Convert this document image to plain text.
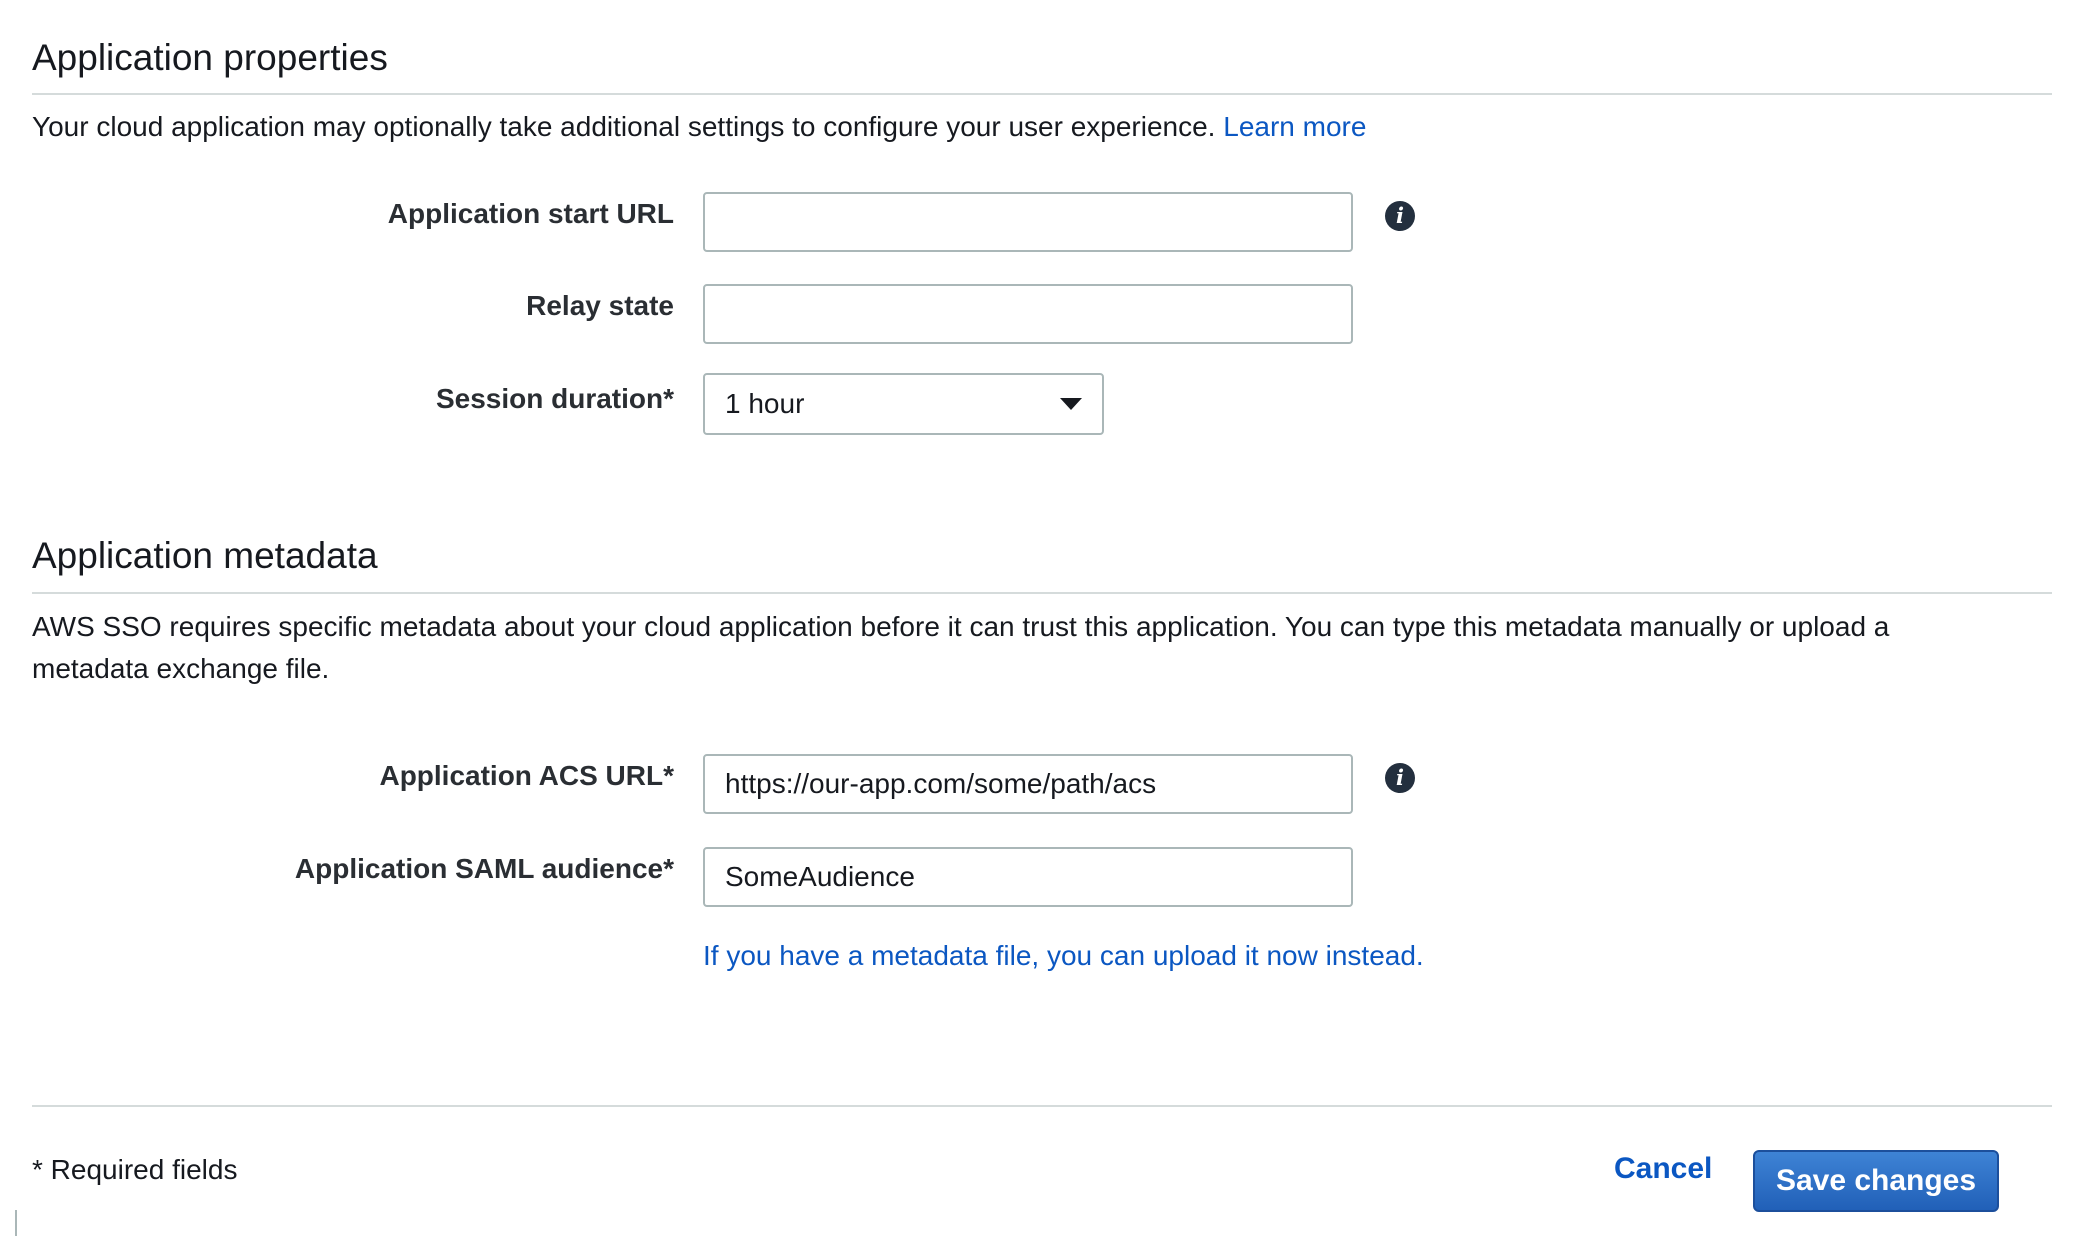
Application properties
Your cloud application may optionally take additional settings to configure your user experience. Learn more
Application start URL	i
Relay state
Session duration* 1 hour
Application metadata
AWS SSO requires specific metadata about your cloud application before it can trust this application. You can type this metadata manually or upload a metadata exchange file.
Application ACS URL*
https://our-app.com/some/path/acs	i
Application SAML audience*
SomeAudience
If you have a metadata file, you can upload it now instead.
* Required fields	Cancel	Save changes
